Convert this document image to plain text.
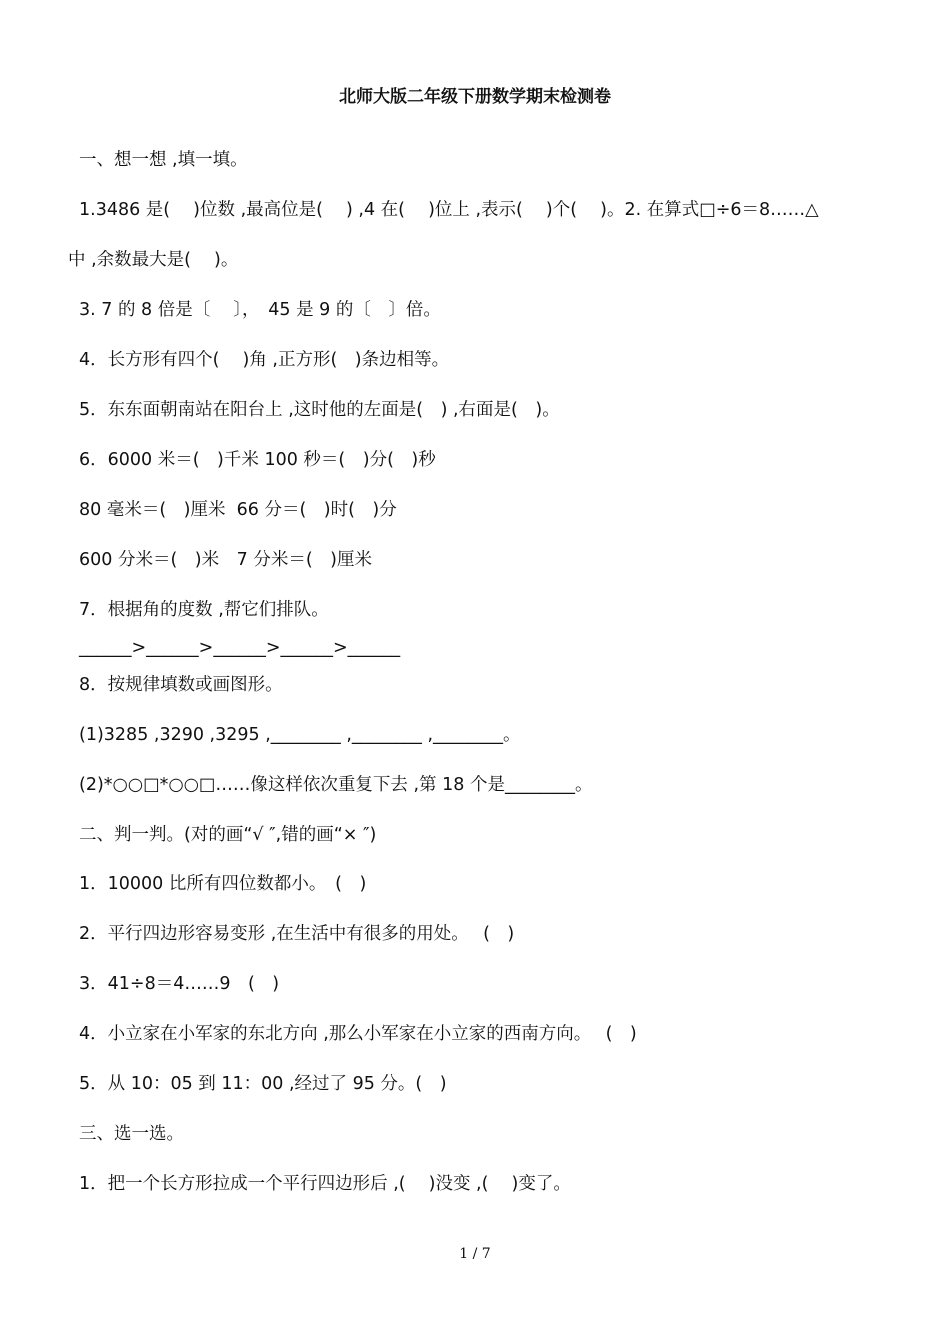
北师大版二年级下册数学期末检测卷
一、想一想 ,填一填。
1.3486 是(　 )位数 ,最高位是(　 ) ,4 在(　 )位上 ,表示(　 )个(　 )。2. 在算式□÷6＝8……△
中 ,余数最大是(　 )。
3. 7 的 8 倍是〔　 〕，　45 是 9 的〔　〕倍。
4．长方形有四个(　 )角 ,正方形(　)条边相等。
5．东东面朝南站在阳台上 ,这时他的左面是(　) ,右面是(　)。
6．6000 米＝(　)千米 100 秒＝(　)分(　)秒
80 毫米＝(　)厘米  66 分＝(　)时(　)分
600 分米＝(　)米　7 分米＝(　)厘米
7．根据角的度数 ,帮它们排队。
______>______>______>______>______
8．按规律填数或画图形。
(1)3285 ,3290 ,3295 ,________ ,________ ,________。
(2)*○○□*○○□……像这样依次重复下去 ,第 18 个是________。
二、判一判。(对的画“√ ″,错的画“× ″)
1．10000 比所有四位数都小。　(　)
2．平行四边形容易变形 ,在生活中有很多的用处。　 (　)
3．41÷8＝4……9　(　)
4．小立家在小军家的东北方向 ,那么小军家在小立家的西南方向。　 (　)
5．从 10：05 到 11：00 ,经过了 95 分。(　)
三、选一选。
1．把一个长方形拉成一个平行四边形后 ,(　 )没变 ,(　 )变了。
1 / 7
